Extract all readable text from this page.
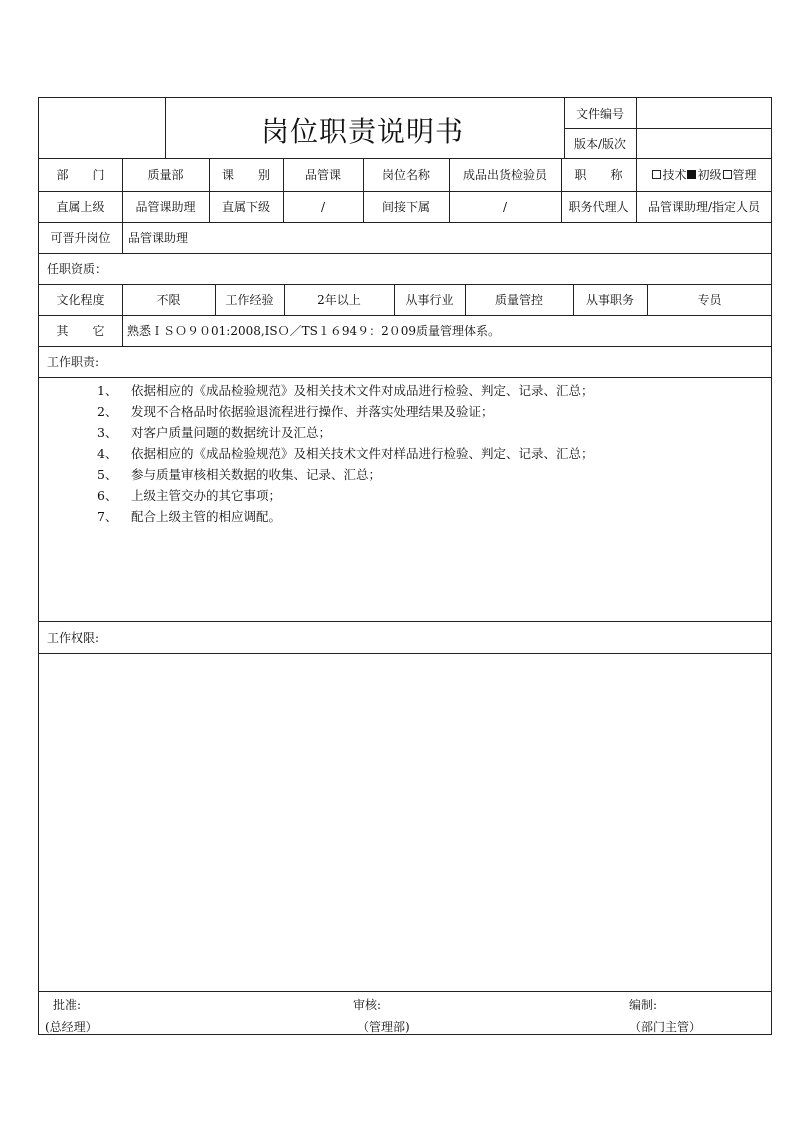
岗位职责说明书
文件编号
版本/版次
部　　门	质量部	课　　别	品管课	岗位名称	成品出货检验员	职　　称	技术 初级 管理
直属上级	品管课助理	直属下级	/	间接下属	/	职务代理人	品管课助理/指定人员
可晋升岗位	品管课助理
任职资质：
文化程度	不限	工作经验	2年以上	从事行业	质量管控	从事职务	专员
其　　它	熟悉ＩＳＯ９０01:2008,ISＯ／TS１６94９：2０09质量管理体系。
工作职责:
1、	依据相应的《成品检验规范》及相关技术文件对成品进行检验、判定、记录、汇总；
2、	发现不合格品时依据验退流程进行操作、并落实处理结果及验证；
3、	对客户质量问题的数据统计及汇总；
4、	依据相应的《成品检验规范》及相关技术文件对样品进行检验、判定、记录、汇总；
5、	参与质量审核相关数据的收集、记录、汇总；
6、	上级主管交办的其它事项；
7、	配合上级主管的相应调配。
工作权限:
批准:
(总经理）
审核:
（管理部)
编制:
（部门主管）
